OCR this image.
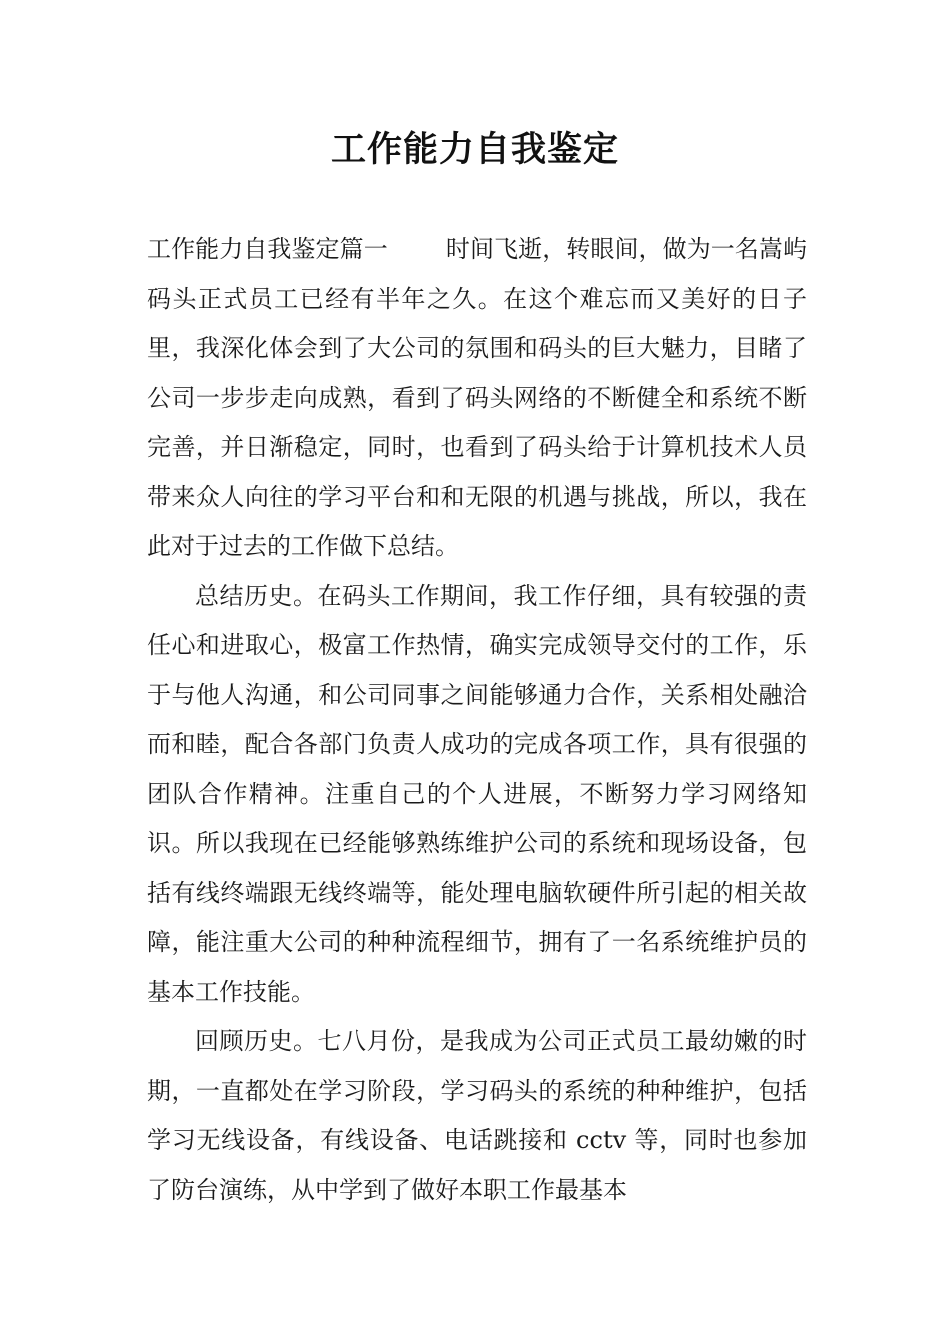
工作能力自我鉴定

工作能力自我鉴定篇一 时间飞逝，转眼间，做为一名嵩屿码头正式员工已经有半年之久。在这个难忘而又美好的日子里，我深化体会到了大公司的氛围和码头的巨大魅力，目睹了公司一步步走向成熟，看到了码头网络的不断健全和系统不断完善，并日渐稳定，同时，也看到了码头给于计算机技术人员带来众人向往的学习平台和和无限的机遇与挑战，所以，我在此对于过去的工作做下总结。

总结历史。在码头工作期间，我工作仔细，具有较强的责任心和进取心，极富工作热情，确实完成领导交付的工作，乐于与他人沟通，和公司同事之间能够通力合作，关系相处融洽而和睦，配合各部门负责人成功的完成各项工作，具有很强的团队合作精神。注重自己的个人进展，不断努力学习网络知识。所以我现在已经能够熟练维护公司的系统和现场设备，包括有线终端跟无线终端等，能处理电脑软硬件所引起的相关故障，能注重大公司的种种流程细节，拥有了一名系统维护员的基本工作技能。

回顾历史。七八月份，是我成为公司正式员工最幼嫩的时期，一直都处在学习阶段，学习码头的系统的种种维护，包括学习无线设备，有线设备、电话跳接和 cctv 等，同时也参加了防台演练，从中学到了做好本职工作最基本
